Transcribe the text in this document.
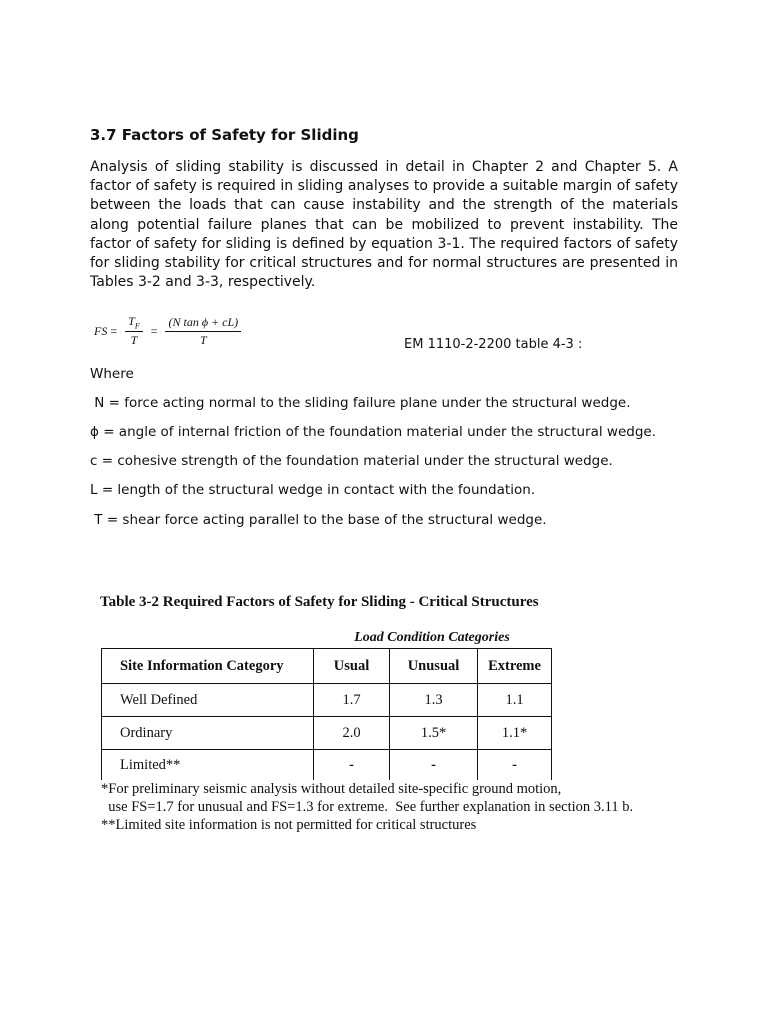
3.7 Factors of Safety for Sliding
Analysis of sliding stability is discussed in detail in Chapter 2 and Chapter 5. A factor of safety is required in sliding analyses to provide a suitable margin of safety between the loads that can cause instability and the strength of the materials along potential failure planes that can be mobilized to prevent instability. The factor of safety for sliding is defined by equation 3-1. The required factors of safety for sliding stability for critical structures and for normal structures are presented in Tables 3-2 and 3-3, respectively.
FS = $\frac{T_F}{T} = \frac{\text{(N tan ϕ + cL)}}{T}$	EM 1110-2-2200 table 4-3 :
Where
N = force acting normal to the sliding failure plane under the structural wedge.
ϕ = angle of internal friction of the foundation material under the structural wedge.
c = cohesive strength of the foundation material under the structural wedge.
L = length of the structural wedge in contact with the foundation.
T = shear force acting parallel to the base of the structural wedge.
Table 3-2 Required Factors of Safety for Sliding - Critical Structures
Load Condition Categories
Site Information Category	Usual	Unusual	Extreme
Well Defined	1.7	1.3	1.1
Ordinary	2.0	1.5*	1.1*
Limited**	-	-	-
*For preliminary seismic analysis without detailed site-specific ground motion,
use FS=1.7 for unusual and FS=1.3 for extreme.  See further explanation in section 3.11 b.
**Limited site information is not permitted for critical structures
